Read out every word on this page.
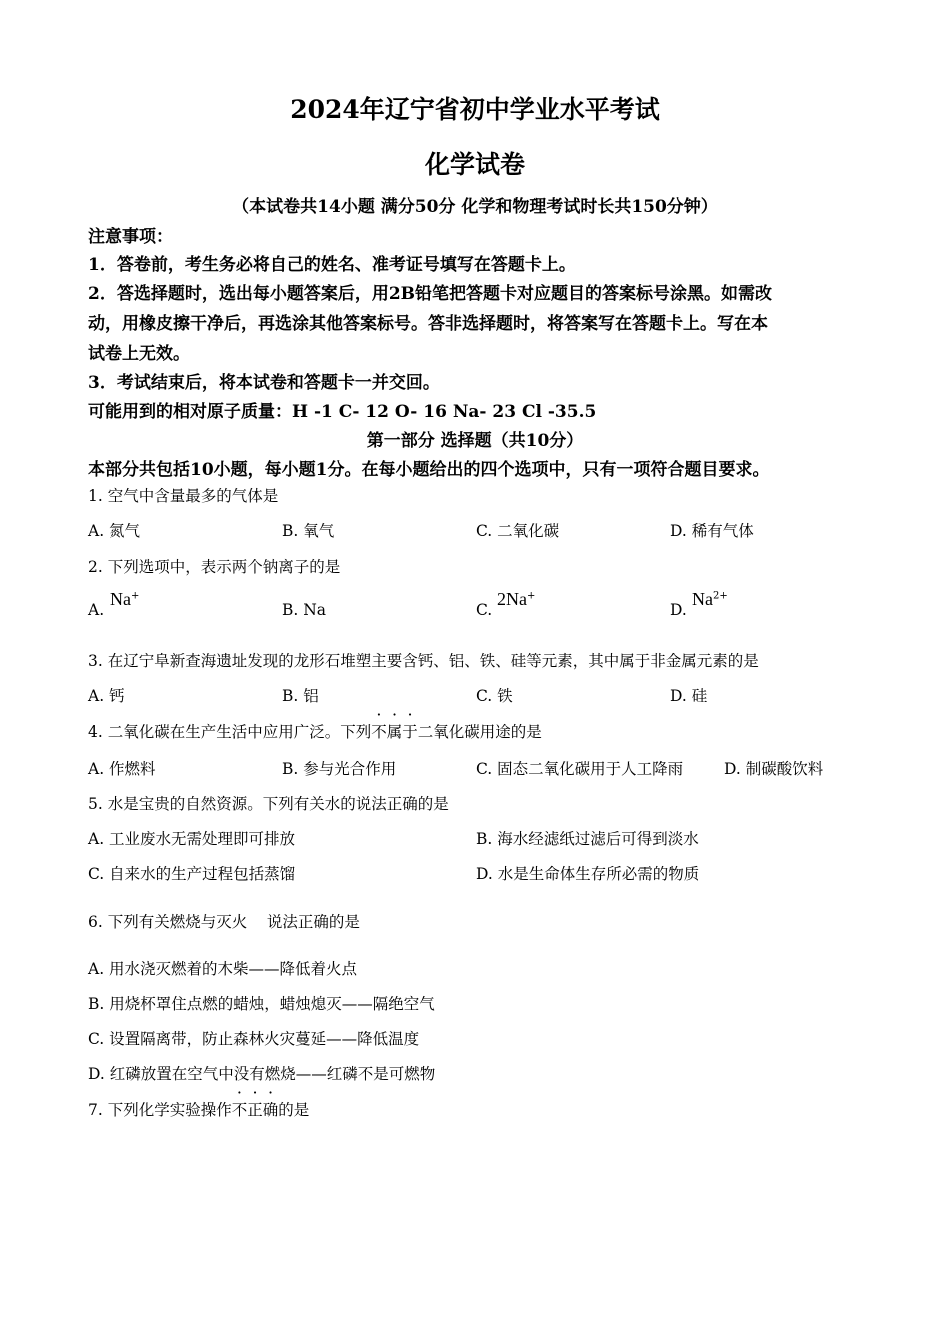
2024年辽宁省初中学业水平考试
化学试卷
（本试卷共14小题 满分50分 化学和物理考试时长共150分钟）
注意事项：
1．答卷前，考生务必将自己的姓名、准考证号填写在答题卡上。
2．答选择题时，选出每小题答案后，用2B铅笔把答题卡对应题目的答案标号涂黑。如需改
动，用橡皮擦干净后，再选涂其他答案标号。答非选择题时，将答案写在答题卡上。写在本
试卷上无效。
3．考试结束后，将本试卷和答题卡一并交回。
可能用到的相对原子质量：H -1 C- 12 O- 16 Na- 23 Cl -35.5
第一部分 选择题（共10分）
本部分共包括10小题，每小题1分。在每小题给出的四个选项中，只有一项符合题目要求。
1. 空气中含量最多的气体是
A. 氮气	B. 氧气	C. 二氧化碳	D. 稀有气体
2. 下列选项中，表示两个钠离子的是
A.
Na+
B. Na	C.
2Na+
D.
$Na^{2+}$
3. 在辽宁阜新查海遗址发现的龙形石堆塑主要含钙、铝、铁、硅等元素，其中属于非金属元素的是
A. 钙	B. 铝	C. 铁	D. 硅
4. 二氧化碳在生产生活中应用广泛。下列不属于二氧化碳用途的是
A. 作燃料	B. 参与光合作用	C. 固态二氧化碳用于人工降雨	D. 制碳酸饮料
5. 水是宝贵的自然资源。下列有关水的说法正确的是
A. 工业废水无需处理即可排放	B. 海水经滤纸过滤后可得到淡水
C. 自来水的生产过程包括蒸馏	D. 水是生命体生存所必需的物质
6. 下列有关燃烧与灭火    说法正确的是
A. 用水浇灭燃着的木柴——降低着火点
B. 用烧杯罩住点燃的蜡烛，蜡烛熄灭——隔绝空气
C. 设置隔离带，防止森林火灾蔓延——降低温度
D. 红磷放置在空气中没有燃烧——红磷不是可燃物
7. 下列化学实验操作不正确的是
